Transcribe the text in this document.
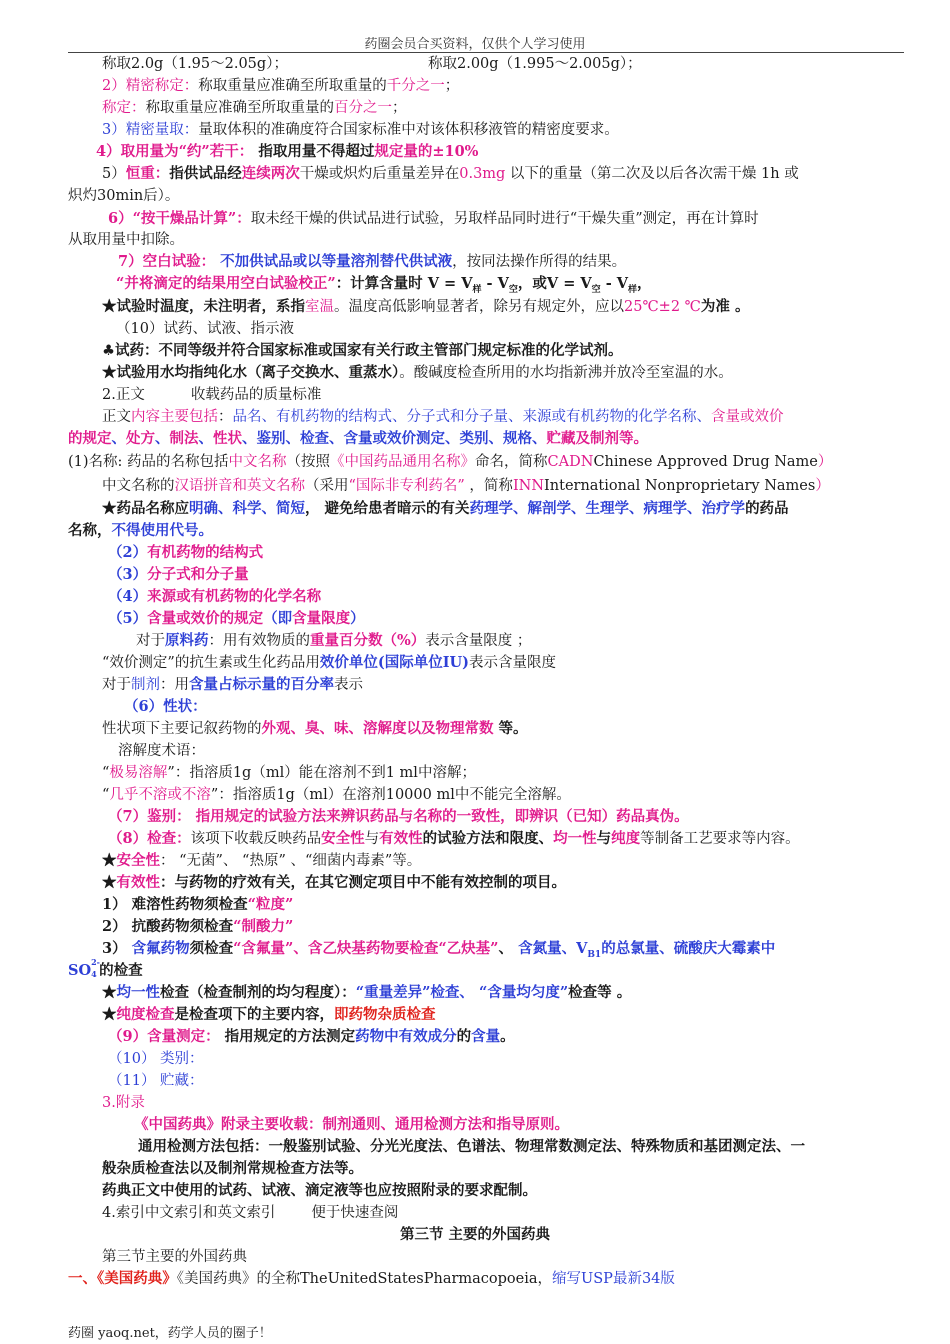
药圈会员合买资料，仅供个人学习使用
称取2.0g（1.95～2.05g）；	称取2.00g（1.995～2.005g）；
2）精密称定：称取重量应准确至所取重量的千分之一；
称定：称取重量应准确至所取重量的百分之一；
3）精密量取：量取体积的准确度符合国家标准中对该体积移液管的精密度要求。
4）取用量为“约”若干： 指取用量不得超过规定量的±10%
5）恒重：指供试品经连续两次干燥或炽灼后重量差异在0.3mg 以下的重量（第二次及以后各次需干燥 1h 或
炽灼30min后）。
6）“按干燥品计算”：取未经干燥的供试品进行试验，另取样品同时进行“干燥失重”测定，再在计算时
从取用量中扣除。
7）空白试验： 不加供试品或以等量溶剂替代供试液，按同法操作所得的结果。
“并将滴定的结果用空白试验校正”：计算含量时 $V = V_样 - V_空$，或$V = V_空 - V_样$，
★试验时温度，未注明者，系指室温。温度高低影响显著者，除另有规定外，应以25℃±2 ℃为准 。
（10）试药、试液、指示液
♣试药：不同等级并符合国家标准或国家有关行政主管部门规定标准的化学试剂。
★试验用水均指纯化水（离子交换水、重蒸水）。酸碱度检查所用的水均指新沸并放冷至室温的水。
2.正文	收载药品的质量标准
正文内容主要包括：品名、有机药物的结构式、分子式和分子量、来源或有机药物的化学名称、含量或效价
的规定、处方、制法、性状、鉴别、检查、含量或效价测定、类别、规格、贮藏及制剂等。
(1)名称: 药品的名称包括中文名称（按照《中国药品通用名称》命名，简称CADNChinese Approved Drug Name）
中文名称的汉语拼音和英文名称（采用“国际非专利药名” ，简称INNInternational Nonproprietary Names）
★药品名称应明确、科学、简短， 避免给患者暗示的有关药理学、解剖学、生理学、病理学、治疗学的药品
名称，不得使用代号。
（2）有机药物的结构式
（3）分子式和分子量
（4）来源或有机药物的化学名称
（5）含量或效价的规定（即含量限度）
对于原料药：用有效物质的重量百分数（%）表示含量限度 ；
“效价测定”的抗生素或生化药品用效价单位(国际单位IU)表示含量限度
对于制剂：用含量占标示量的百分率表示
（6）性状：
性状项下主要记叙药物的外观、臭、味、溶解度以及物理常数 等。
溶解度术语：
“极易溶解”：指溶质1g（ml）能在溶剂不到1 ml中溶解；
“几乎不溶或不溶”：指溶质1g（ml）在溶剂10000 ml中不能完全溶解。
（7）鉴别： 指用规定的试验方法来辨识药品与名称的一致性，即辨识（已知）药品真伪。
（8）检查：该项下收载反映药品安全性与有效性的试验方法和限度、均一性与纯度等制备工艺要求等内容。
★安全性： “无菌”、 “热原” 、“细菌内毒素”等。
★有效性：与药物的疗效有关，在其它测定项目中不能有效控制的项目。
1） 难溶性药物须检查“粒度”
2） 抗酸药物须检查“制酸力”
3） 含氟药物须检查“含氟量”、含乙炔基药物要检查“乙炔基”、 含氮量、$V_{B1}$的总氯量、硫酸庆大霉素中
SO 2-
4 的检查
★均一性检查（检查制剂的均匀程度）：“重量差异”检查、 “含量均匀度”检查等 。
★纯度检查是检查项下的主要内容，即药物杂质检查
（9）含量测定： 指用规定的方法测定药物中有效成分的含量。
（10） 类别：
（11） 贮藏：
3.附录
《中国药典》附录主要收载：制剂通则、通用检测方法和指导原则。
通用检测方法包括：一般鉴别试验、分光光度法、色谱法、物理常数测定法、特殊物质和基团测定法、一
般杂质检查法以及制剂常规检查方法等。
药典正文中使用的试药、试液、滴定液等也应按照附录的要求配制。
4.索引中文索引和英文索引 便于快速查阅
第三节 主要的外国药典
第三节主要的外国药典
一、《美国药典》《美国药典》的全称TheUnitedStatesPharmacopoeia，缩写USP最新34版
药圈 yaoq.net，药学人员的圈子！
